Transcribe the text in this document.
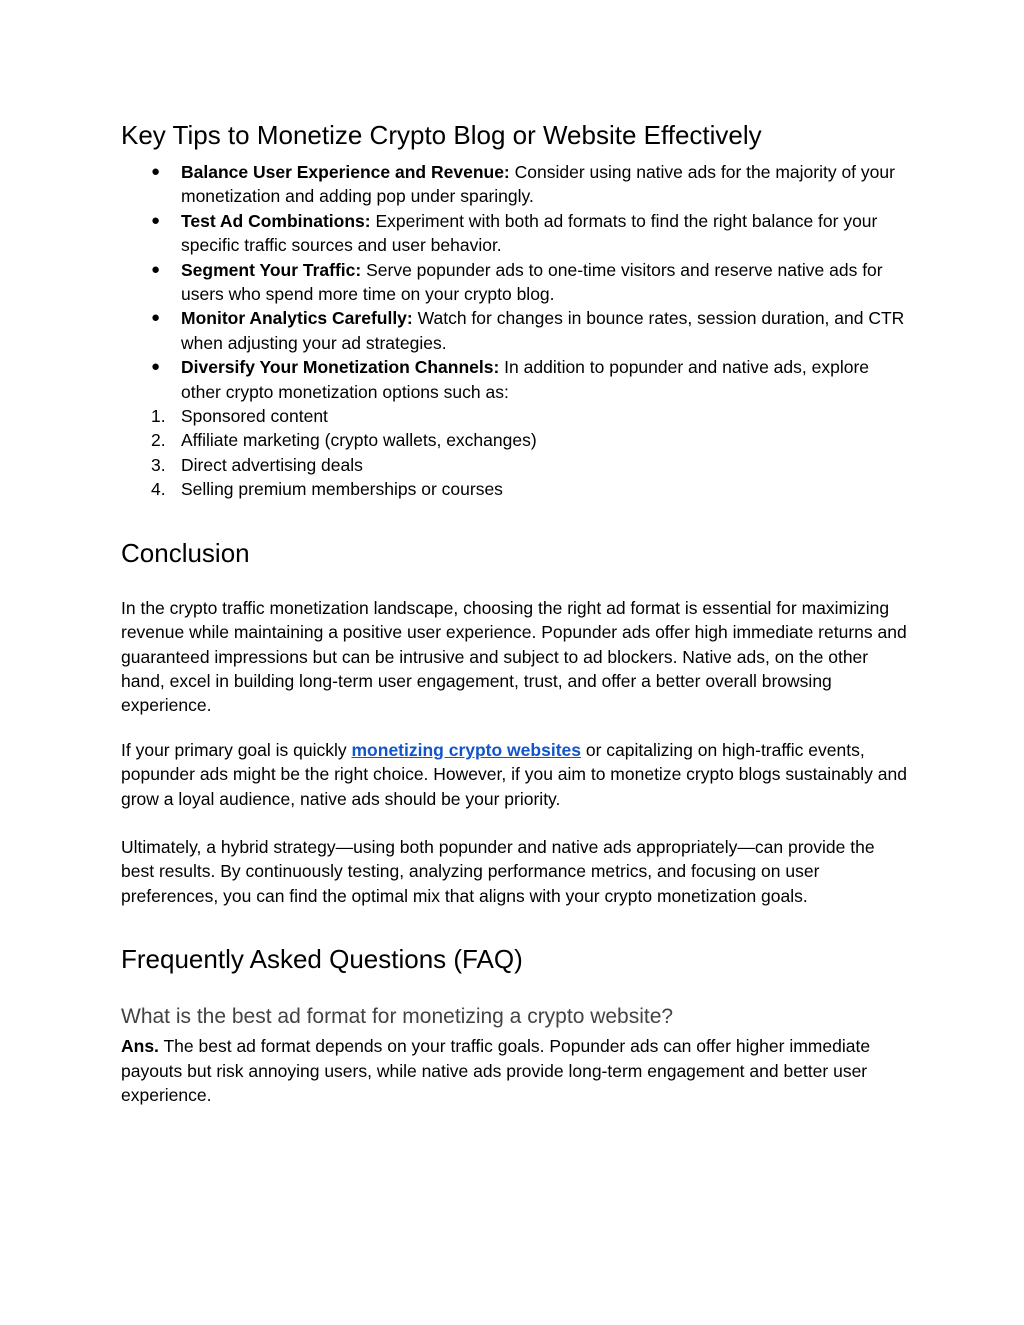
Key Tips to Monetize Crypto Blog or Website Effectively
● Balance User Experience and Revenue: Consider using native ads for the majority of your monetization and adding pop under sparingly.
● Test Ad Combinations: Experiment with both ad formats to find the right balance for your specific traffic sources and user behavior.
● Segment Your Traffic: Serve popunder ads to one-time visitors and reserve native ads for users who spend more time on your crypto blog.
● Monitor Analytics Carefully: Watch for changes in bounce rates, session duration, and CTR when adjusting your ad strategies.
● Diversify Your Monetization Channels: In addition to popunder and native ads, explore other crypto monetization options such as:
1. Sponsored content
2. Affiliate marketing (crypto wallets, exchanges)
3. Direct advertising deals
4. Selling premium memberships or courses
Conclusion

In the crypto traffic monetization landscape, choosing the right ad format is essential for maximizing revenue while maintaining a positive user experience. Popunder ads offer high immediate returns and guaranteed impressions but can be intrusive and subject to ad blockers. Native ads, on the other hand, excel in building long-term user engagement, trust, and offer a better overall browsing experience.

If your primary goal is quickly monetizing crypto websites or capitalizing on high-traffic events, popunder ads might be the right choice. However, if you aim to monetize crypto blogs sustainably and grow a loyal audience, native ads should be your priority.

Ultimately, a hybrid strategy—using both popunder and native ads appropriately—can provide the best results. By continuously testing, analyzing performance metrics, and focusing on user preferences, you can find the optimal mix that aligns with your crypto monetization goals.

Frequently Asked Questions (FAQ)
What is the best ad format for monetizing a crypto website?

Ans. The best ad format depends on your traffic goals. Popunder ads can offer higher immediate payouts but risk annoying users, while native ads provide long-term engagement and better user experience.
